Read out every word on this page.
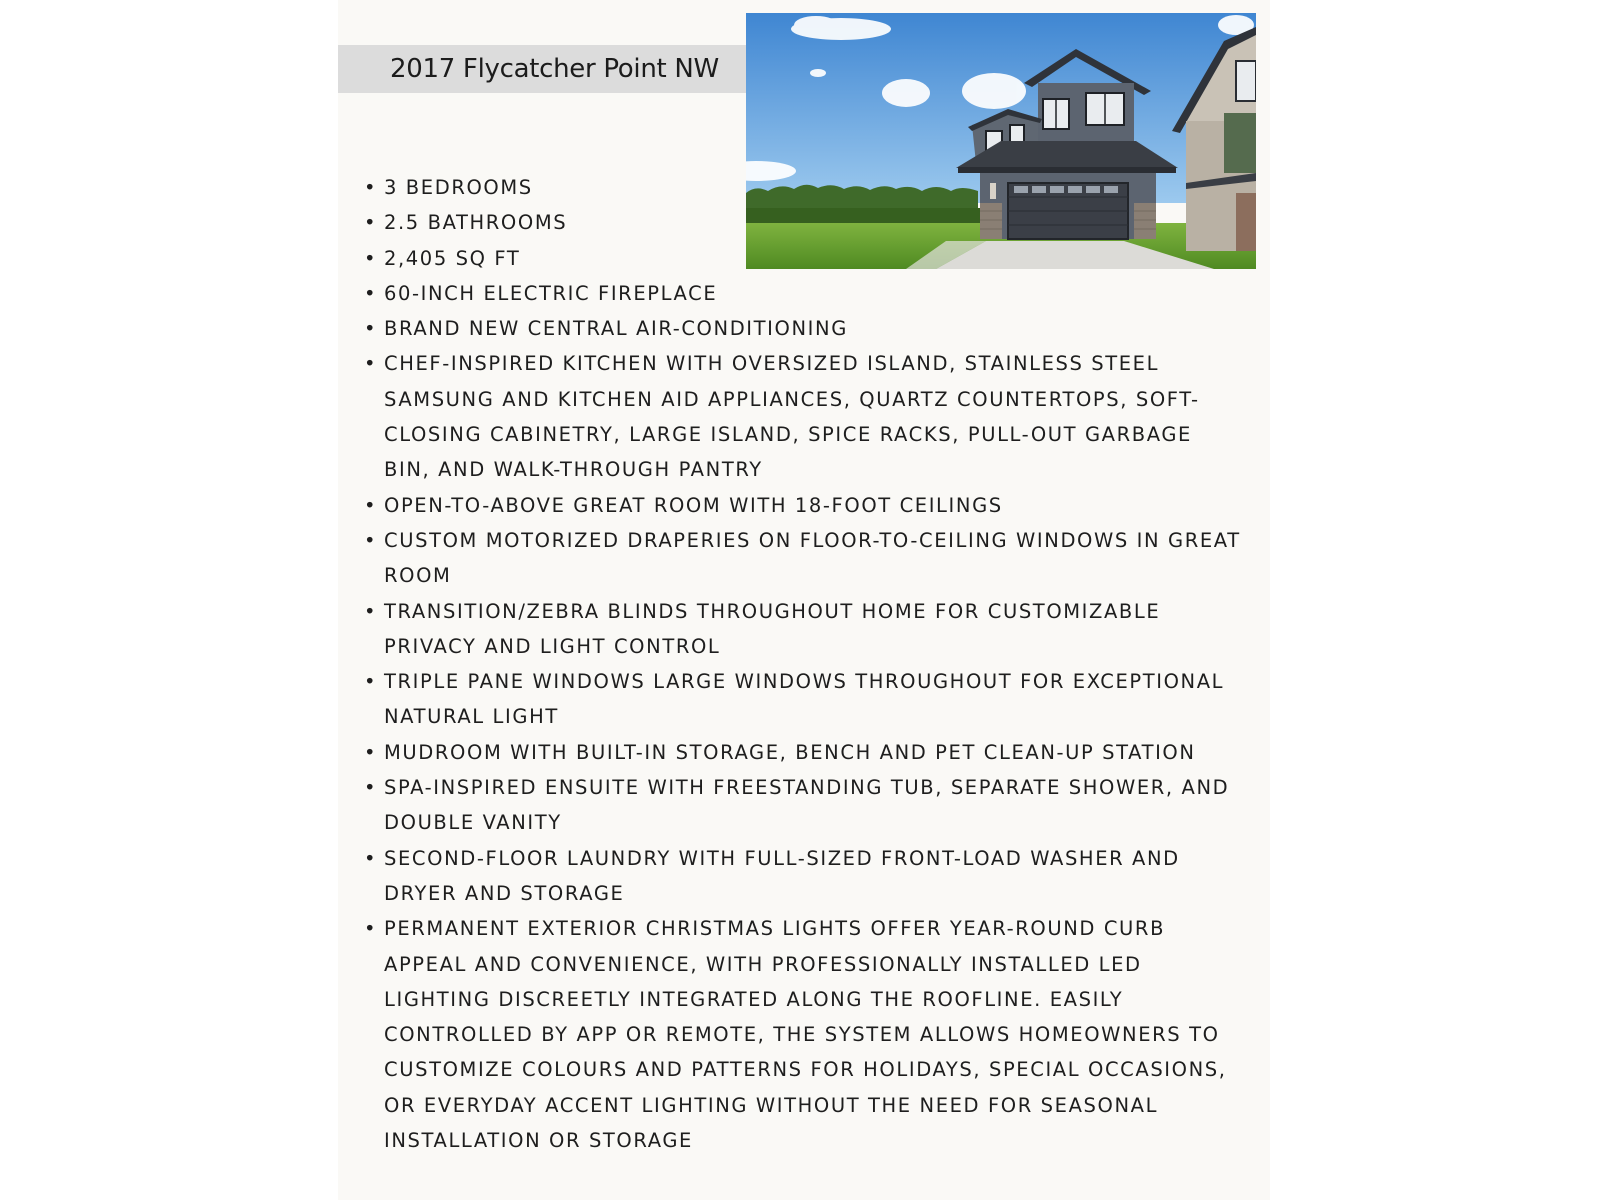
2017 Flycatcher Point NW
• 3 BEDROOMS
• 2.5 BATHROOMS
• 2,405 SQ FT
• 60-INCH ELECTRIC FIREPLACE
• BRAND NEW CENTRAL AIR-CONDITIONING
• CHEF-INSPIRED KITCHEN WITH OVERSIZED ISLAND, STAINLESS STEEL SAMSUNG AND KITCHEN AID APPLIANCES, QUARTZ COUNTERTOPS, SOFT-CLOSING CABINETRY, LARGE ISLAND, SPICE RACKS, PULL-OUT GARBAGE BIN, AND WALK-THROUGH PANTRY
• OPEN-TO-ABOVE GREAT ROOM WITH 18-FOOT CEILINGS
• CUSTOM MOTORIZED DRAPERIES ON FLOOR-TO-CEILING WINDOWS IN GREAT ROOM
• TRANSITION/ZEBRA BLINDS THROUGHOUT HOME FOR CUSTOMIZABLE PRIVACY AND LIGHT CONTROL
• TRIPLE PANE WINDOWS LARGE WINDOWS THROUGHOUT FOR EXCEPTIONAL NATURAL LIGHT
• MUDROOM WITH BUILT-IN STORAGE, BENCH AND PET CLEAN-UP STATION
• SPA-INSPIRED ENSUITE WITH FREESTANDING TUB, SEPARATE SHOWER, AND DOUBLE VANITY
• SECOND-FLOOR LAUNDRY WITH FULL-SIZED FRONT-LOAD WASHER AND DRYER AND STORAGE
• PERMANENT EXTERIOR CHRISTMAS LIGHTS OFFER YEAR-ROUND CURB APPEAL AND CONVENIENCE, WITH PROFESSIONALLY INSTALLED LED LIGHTING DISCREETLY INTEGRATED ALONG THE ROOFLINE. EASILY CONTROLLED BY APP OR REMOTE, THE SYSTEM ALLOWS HOMEOWNERS TO CUSTOMIZE COLOURS AND PATTERNS FOR HOLIDAYS, SPECIAL OCCASIONS, OR EVERYDAY ACCENT LIGHTING WITHOUT THE NEED FOR SEASONAL INSTALLATION OR STORAGE
